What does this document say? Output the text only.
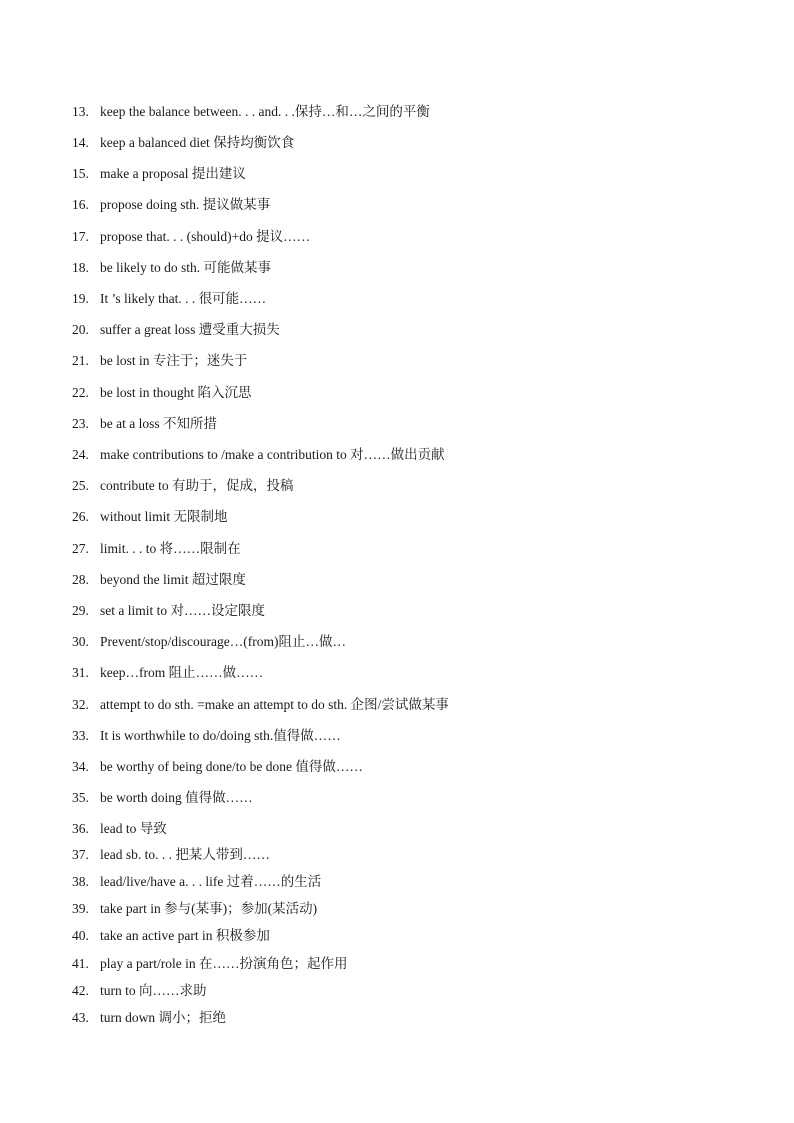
13. keep the balance between. . . and. . .保持…和…之间的平衡
14. keep a balanced diet 保持均衡饮食
15. make a proposal 提出建议
16. propose doing sth. 提议做某事
17. propose that. . . (should)+do 提议……
18. be likely to do sth. 可能做某事
19. It ’s likely that. . . 很可能……
20. suffer a great loss 遭受重大损失
21. be lost in 专注于；迷失于
22. be lost in thought 陷入沉思
23. be at a loss 不知所措
24. make contributions to /make a contribution to 对……做出贡献
25. contribute to 有助于，促成，投稿
26. without limit 无限制地
27. limit. . . to 将……限制在
28. beyond the limit 超过限度
29. set a limit to 对……设定限度
30. Prevent/stop/discourage…(from)阻止…做…
31. keep…from 阻止……做……
32. attempt to do sth. =make an attempt to do sth. 企图/尝试做某事
33. It is worthwhile to do/doing sth.值得做……
34. be worthy of being done/to be done 值得做……
35. be worth doing 值得做……
36. lead to 导致
37. lead sb. to. . . 把某人带到……
38. lead/live/have a. . . life 过着……的生活
39. take part in 参与(某事)；参加(某活动)
40. take an active part in 积极参加
41. play a part/role in 在……扮演角色；起作用
42. turn to 向……求助
43. turn down 调小；拒绝
